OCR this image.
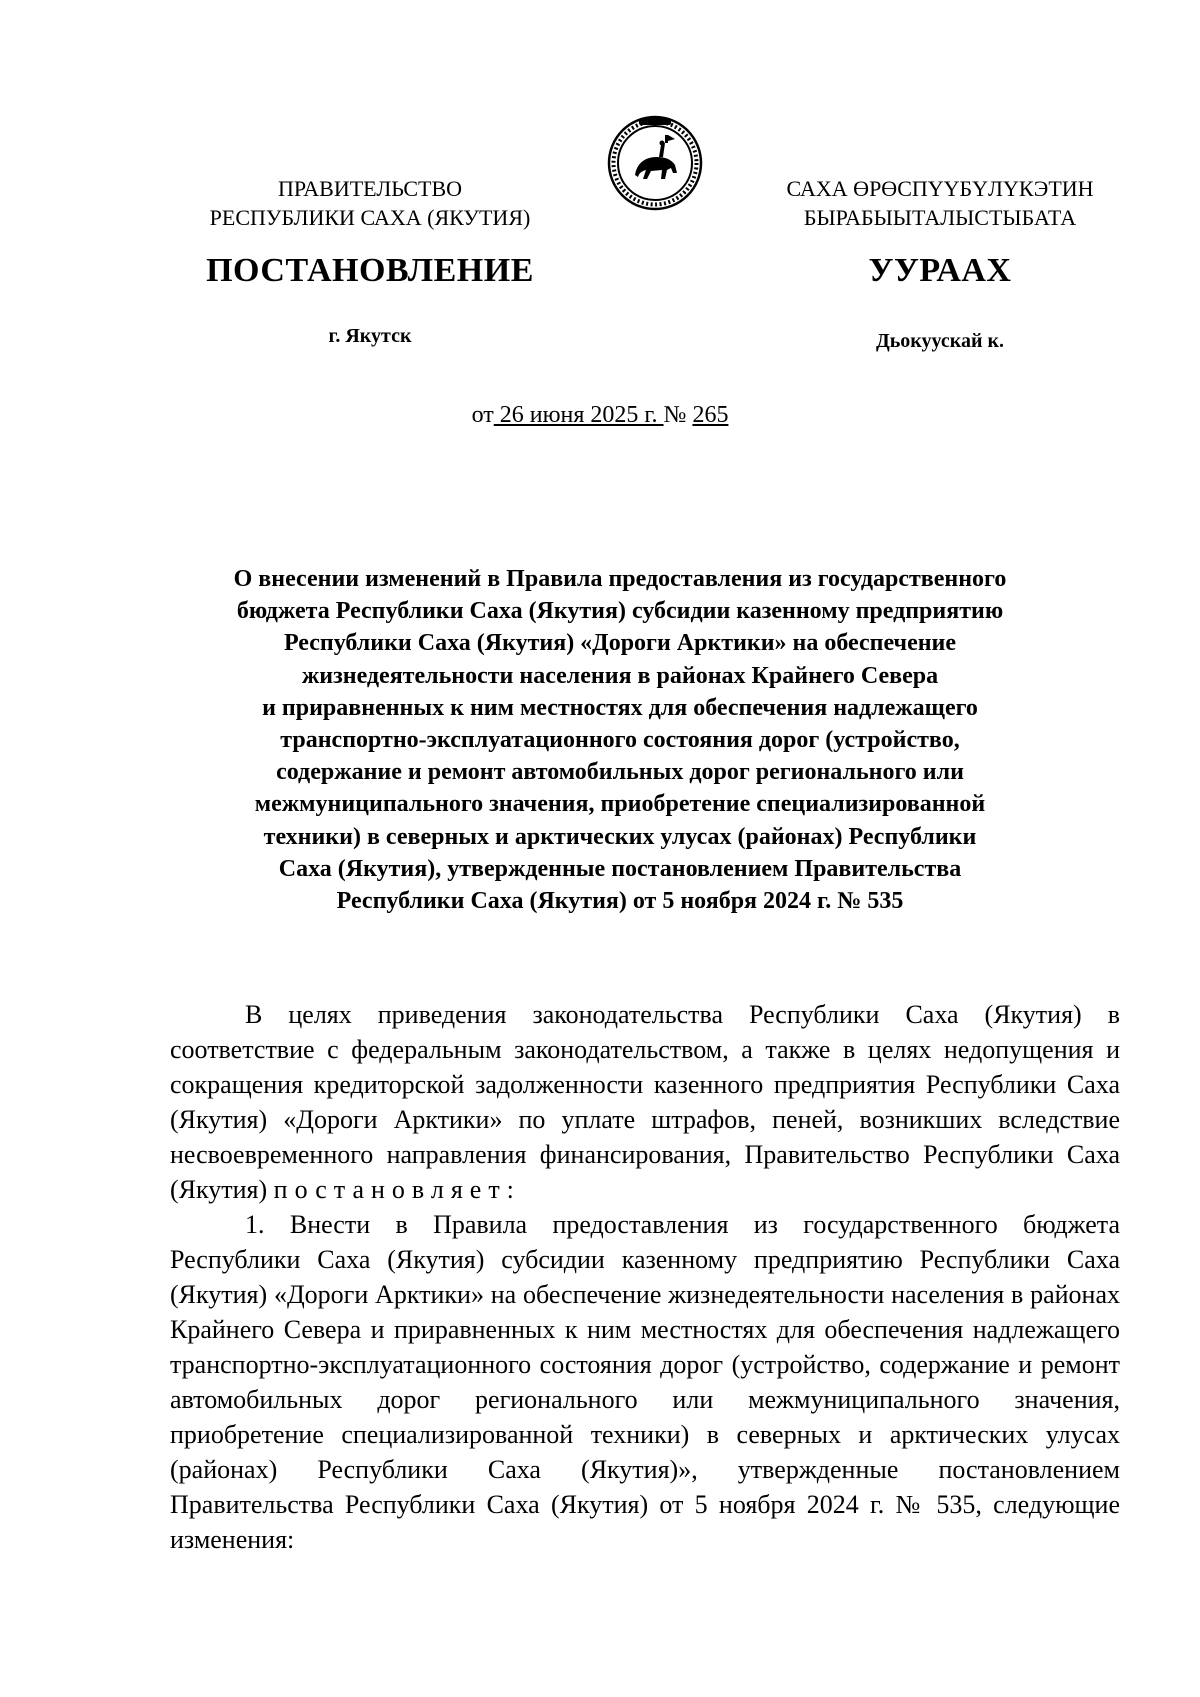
ПРАВИТЕЛЬСТВО
РЕСПУБЛИКИ САХА (ЯКУТИЯ)
САХА ӨРӨСПҮҮБҮЛҮКЭТИН
БЫРАБЫЫТАЛЫСТЫБАТА
ПОСТАНОВЛЕНИЕ	УУРААХ
г. Якутск	Дьокуускай к.
от 26 июня 2025 г. № 265
О внесении изменений в Правила предоставления из государственного
бюджета Республики Саха (Якутия) субсидии казенному предприятию
Республики Саха (Якутия) «Дороги Арктики» на обеспечение
жизнедеятельности населения в районах Крайнего Севера
и приравненных к ним местностях для обеспечения надлежащего
транспортно-эксплуатационного состояния дорог (устройство,
содержание и ремонт автомобильных дорог регионального или
межмуниципального значения, приобретение специализированной
техники) в северных и арктических улусах (районах) Республики
Саха (Якутия), утвержденные постановлением Правительства
Республики Саха (Якутия) от 5 ноября 2024 г. № 535

В целях приведения законодательства Республики Саха (Якутия) в соответствие с федеральным законодательством, а также в целях недопущения и сокращения кредиторской задолженности казенного предприятия Республики Саха (Якутия) «Дороги Арктики» по уплате штрафов, пеней, возникших вследствие несвоевременного направления финансирования, Правительство Республики Саха (Якутия) постановляет:

1. Внести в Правила предоставления из государственного бюджета Республики Саха (Якутия) субсидии казенному предприятию Республики Саха (Якутия) «Дороги Арктики» на обеспечение жизнедеятельности населения в районах Крайнего Севера и приравненных к ним местностях для обеспечения надлежащего транспортно-эксплуатационного состояния дорог (устройство, содержание и ремонт автомобильных дорог регионального или межмуниципального значения, приобретение специализированной техники) в северных и арктических улусах (районах) Республики Саха (Якутия)», утвержденные постановлением Правительства Республики Саха (Якутия) от 5 ноября 2024 г. № 535, следующие изменения:
